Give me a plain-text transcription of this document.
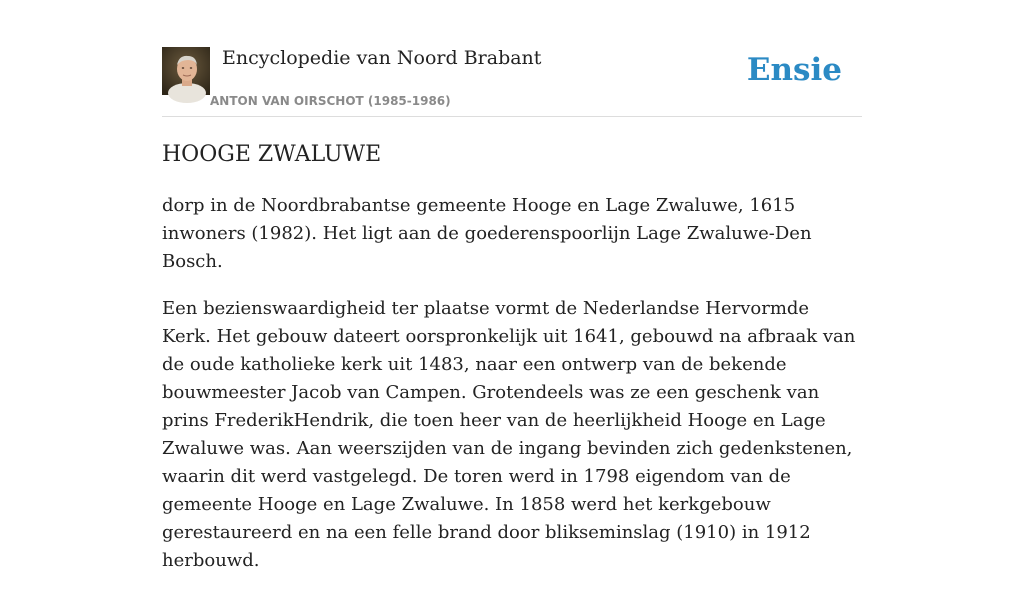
Encyclopedie van Noord Brabant
ANTON VAN OIRSCHOT (1985-1986)
Ensie
HOOGE ZWALUWE

dorp in de Noordbrabantse gemeente Hooge en Lage Zwaluwe, 1615 inwoners (1982). Het ligt aan de goederenspoorlijn Lage Zwaluwe-Den Bosch.

Een bezienswaardigheid ter plaatse vormt de Nederlandse Hervormde Kerk. Het gebouw dateert oorspronkelijk uit 1641, gebouwd na afbraak van de oude katholieke kerk uit 1483, naar een ontwerp van de bekende bouwmeester Jacob van Campen. Grotendeels was ze een geschenk van prins FrederikHendrik, die toen heer van de heerlijkheid Hooge en Lage Zwaluwe was. Aan weerszijden van de ingang bevinden zich gedenkstenen, waarin dit werd vastgelegd. De toren werd in 1798 eigendom van de gemeente Hooge en Lage Zwaluwe. In 1858 werd het kerkgebouw gerestaureerd en na een felle brand door blikseminslag (1910) in 1912 herbouwd.
